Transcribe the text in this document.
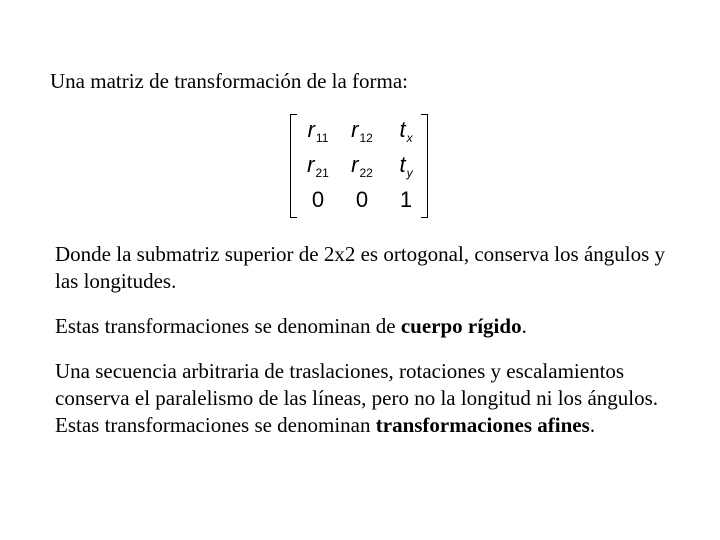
Una matriz de transformación de la forma:
$r_{11}$	$r_{12}$	$t_x$
$r_{21}$	$r_{22}$	$t_y$
0	0	1
Donde la submatriz superior de 2x2 es ortogonal, conserva los ángulos y las longitudes.
Estas transformaciones se denominan de cuerpo rígido.
Una secuencia arbitraria de traslaciones, rotaciones y escalamientos conserva el paralelismo de las líneas, pero no la longitud ni los ángulos. Estas transformaciones se denominan transformaciones afines.
